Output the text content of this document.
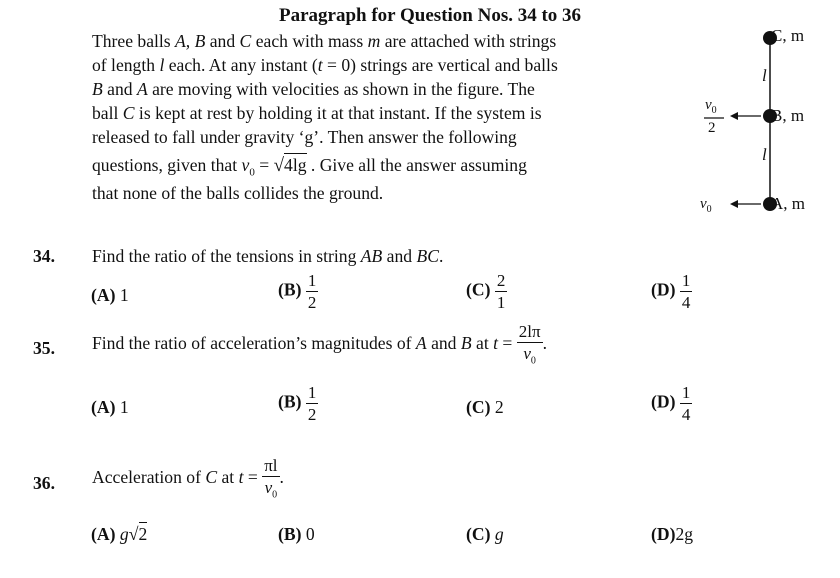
Paragraph for Question Nos. 34 to 36
Three balls A, B and C each with mass m are attached with strings
of length l each. At any instant (t = 0) strings are vertical and balls
B and A are moving with velocities as shown in the figure. The
ball C is kept at rest by holding it at that instant. If the system is
released to fall under gravity ‘g’. Then answer the following
questions, given that $v_0 = √4\lg$ . Give all the answer assuming
that none of the balls collides the ground.
C, m
B, m
A, m
l
l
$v_0$
2
$v_0$
34. Find the ratio of the tensions in string AB and BC.
(A) 1	$(B) \frac{1}{2}$	$(C) \frac{2}{1}$	$(D) \frac{1}{4}$
35. Find the ratio of acceleration’s magnitudes of A and B at $t = \frac{2l\pi}{v_0}$ .
(A) 1	$(B) \frac{1}{2}$	(C) 2	$(D) \frac{1}{4}$
36. Acceleration of C at $t = \frac{\pi l}{v_0}$ .
(A) g√2	(B) 0	(C) g	(D)2g
